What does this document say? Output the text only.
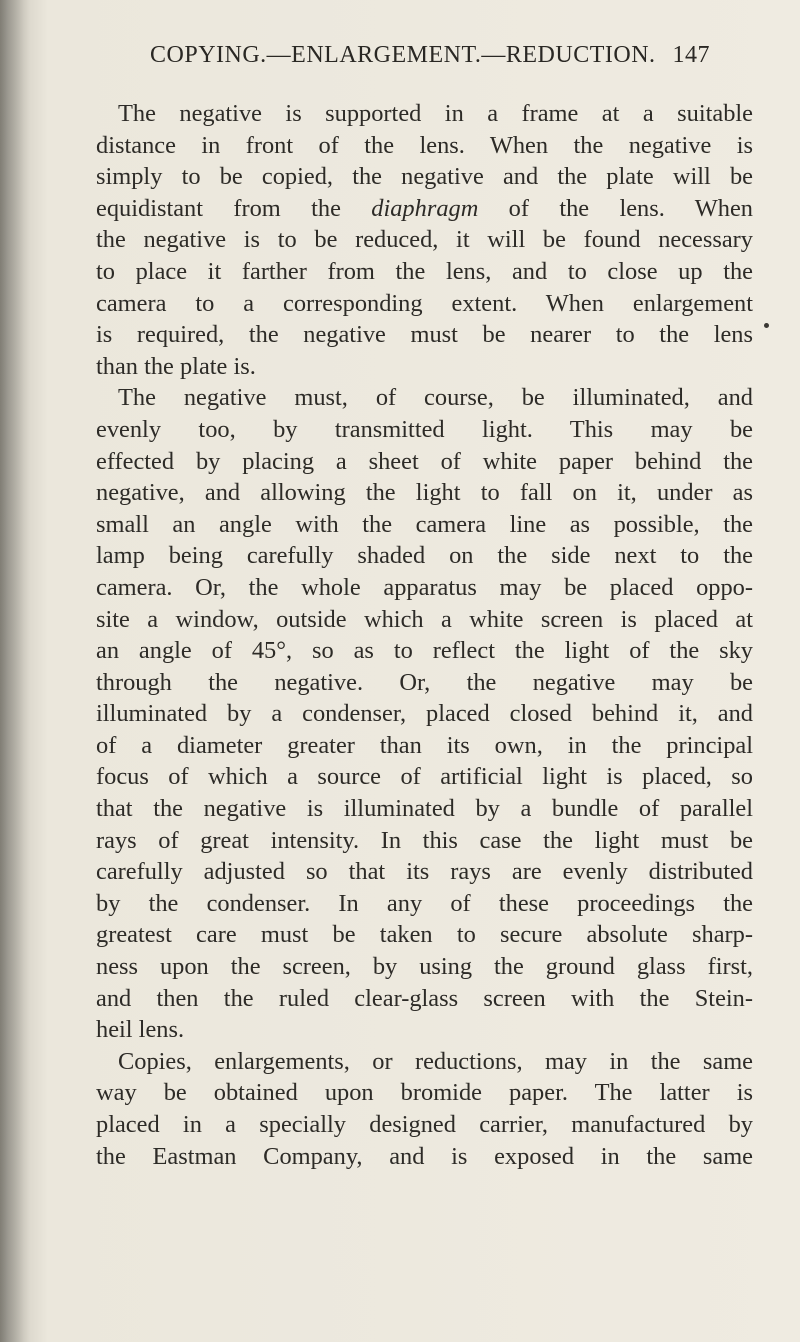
COPYING.—ENLARGEMENT.—REDUCTION. 147
The negative is supported in a frame at a suitable
distance in front of the lens. When the negative is
simply to be copied, the negative and the plate will be
equidistant from the diaphragm of the lens. When
the negative is to be reduced, it will be found necessary
to place it farther from the lens, and to close up the
camera to a corresponding extent. When enlargement
is required, the negative must be nearer to the lens
than the plate is.
The negative must, of course, be illuminated, and
evenly too, by transmitted light. This may be
effected by placing a sheet of white paper behind the
negative, and allowing the light to fall on it, under as
small an angle with the camera line as possible, the
lamp being carefully shaded on the side next to the
camera. Or, the whole apparatus may be placed oppo-
site a window, outside which a white screen is placed at
an angle of 45°, so as to reflect the light of the sky
through the negative. Or, the negative may be
illuminated by a condenser, placed closed behind it, and
of a diameter greater than its own, in the principal
focus of which a source of artificial light is placed, so
that the negative is illuminated by a bundle of parallel
rays of great intensity. In this case the light must be
carefully adjusted so that its rays are evenly distributed
by the condenser. In any of these proceedings the
greatest care must be taken to secure absolute sharp-
ness upon the screen, by using the ground glass first,
and then the ruled clear-glass screen with the Stein-
heil lens.
Copies, enlargements, or reductions, may in the same
way be obtained upon bromide paper. The latter is
placed in a specially designed carrier, manufactured by
the Eastman Company, and is exposed in the same
